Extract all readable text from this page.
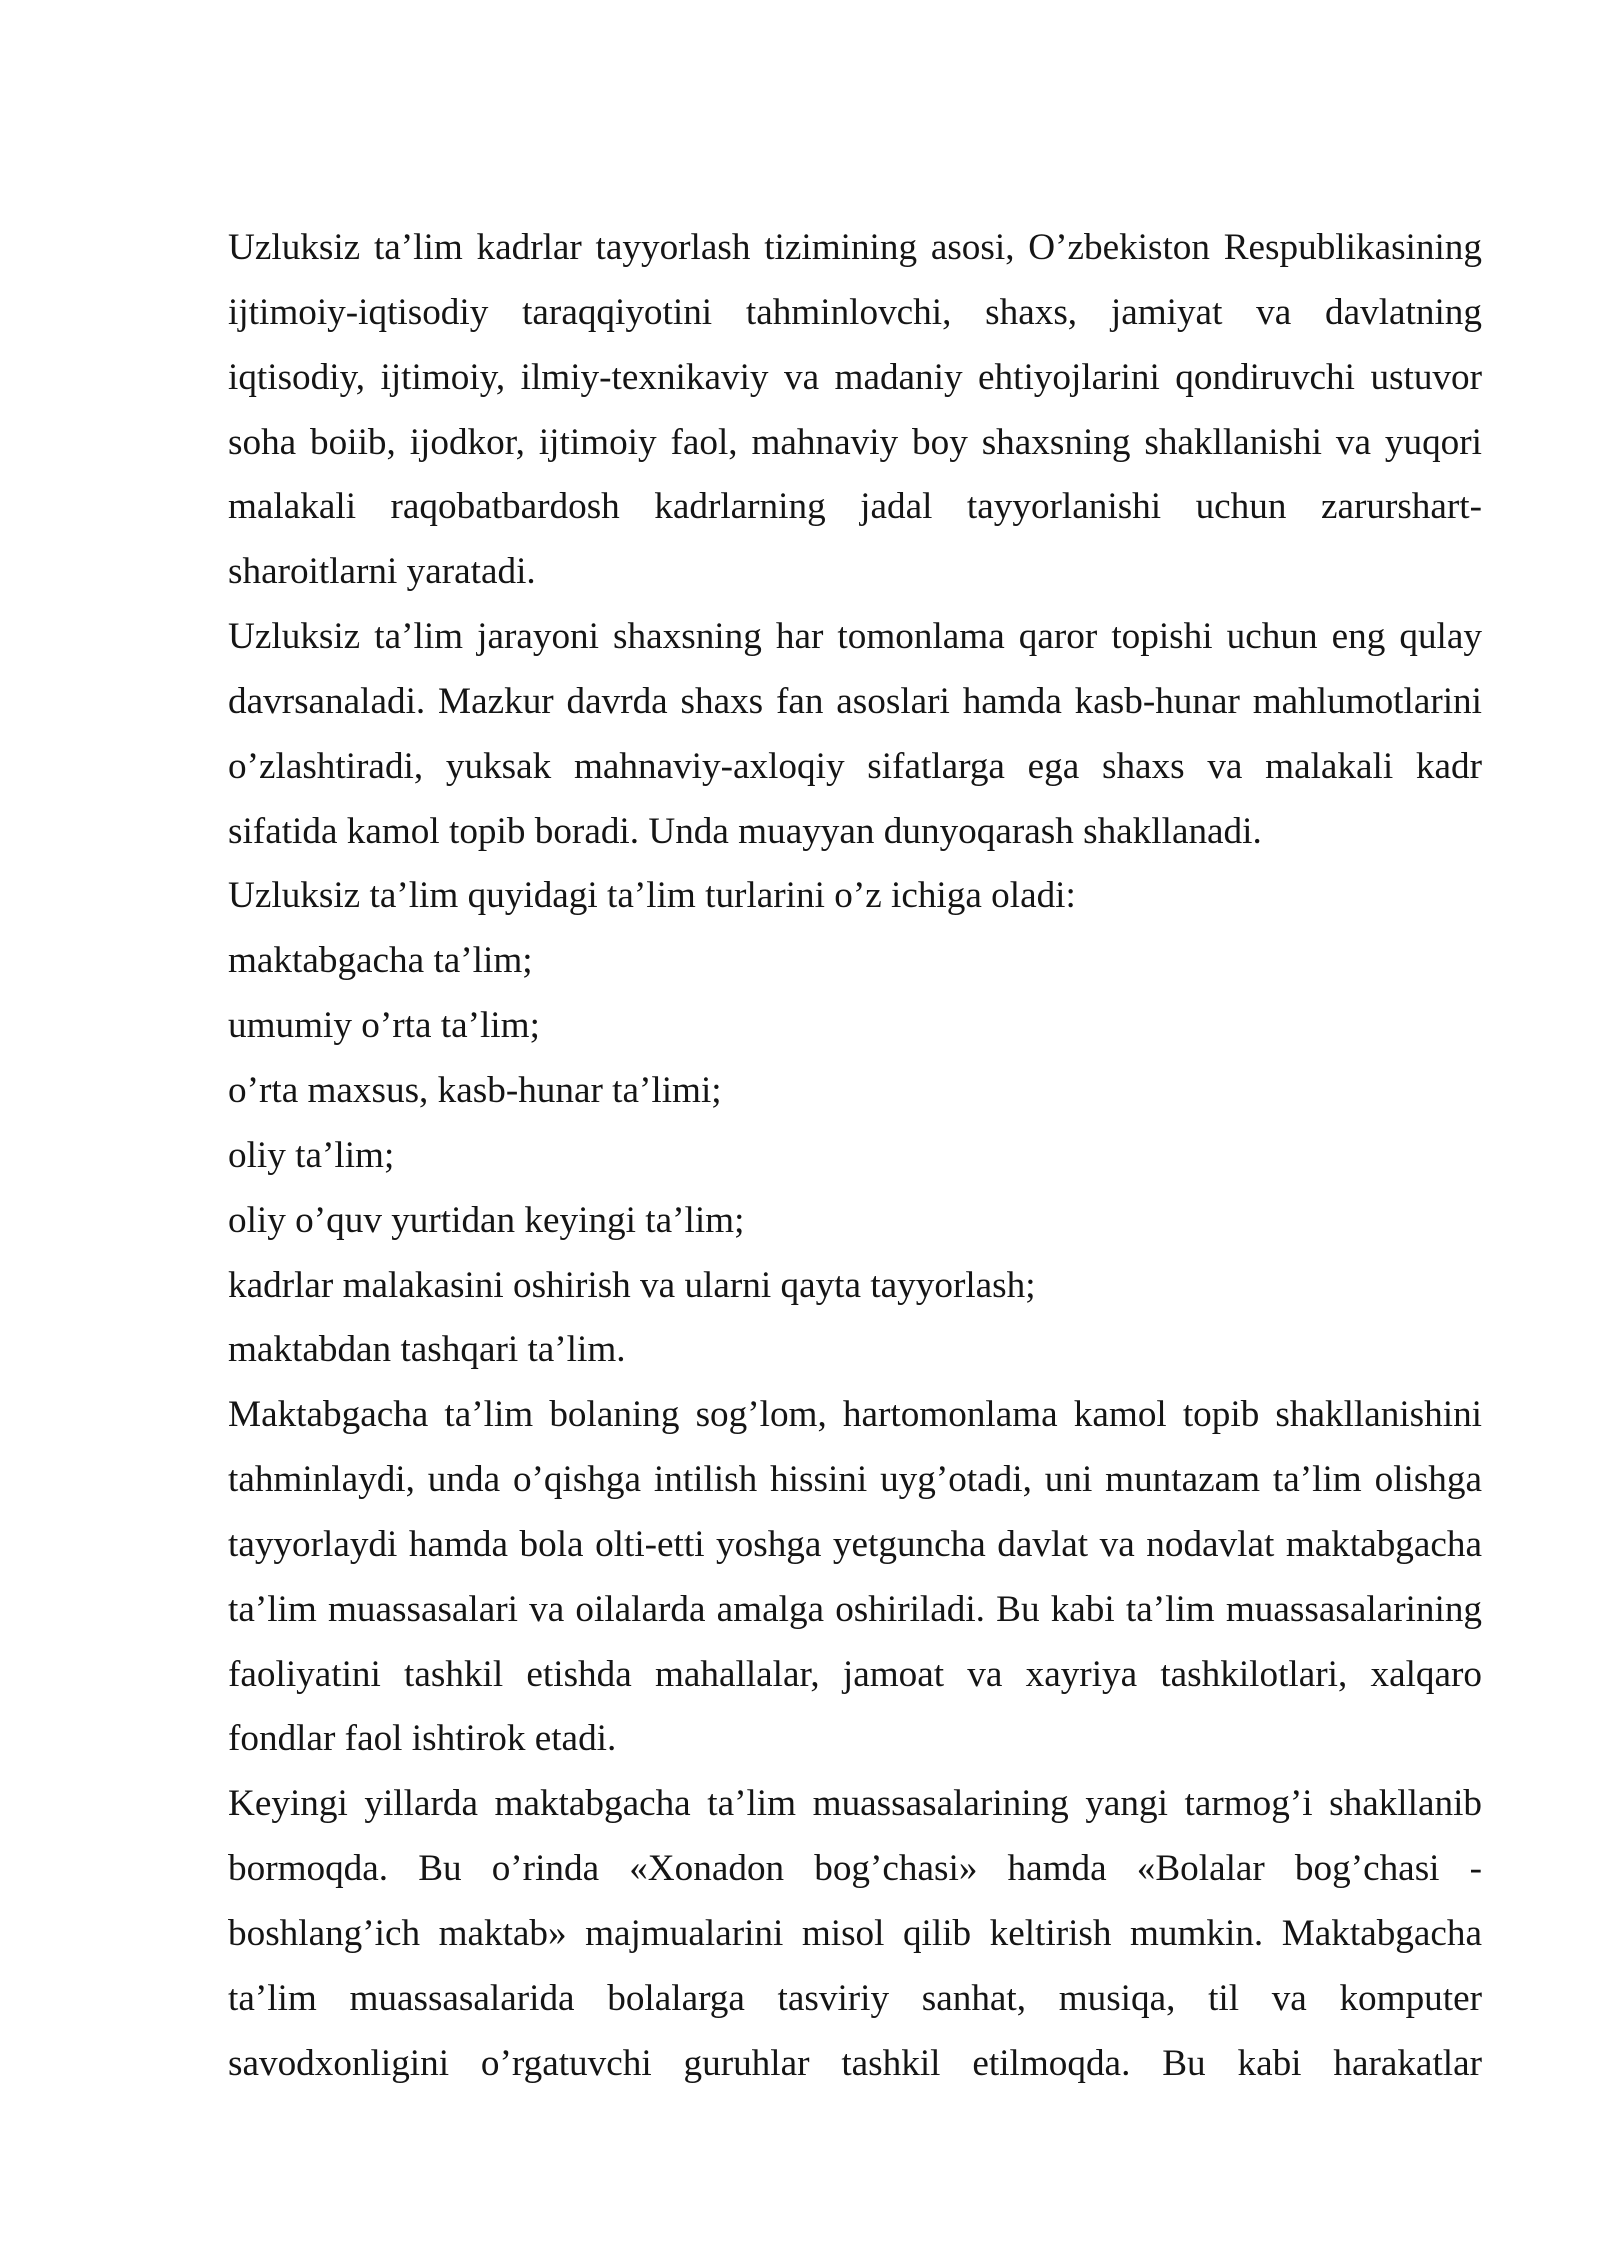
Uzluksiz ta’lim kadrlar tayyorlash tizimining asosi, O’zbekiston Respublikasining
ijtimoiy-iqtisodiy taraqqiyotini tahminlovchi, shaxs, jamiyat va davlatning
iqtisodiy, ijtimoiy, ilmiy-texnikaviy va madaniy ehtiyojlarini qondiruvchi ustuvor
soha boiib, ijodkor, ijtimoiy faol, mahnaviy boy shaxsning shakllanishi va yuqori
malakali raqobatbardosh kadrlarning jadal tayyorlanishi uchun zarurshart-
sharoitlarni yaratadi.
Uzluksiz ta’lim jarayoni shaxsning har tomonlama qaror topishi uchun eng qulay
davrsanaladi. Mazkur davrda shaxs fan asoslari hamda kasb-hunar mahlumotlarini
o’zlashtiradi, yuksak mahnaviy-axloqiy sifatlarga ega shaxs va malakali kadr
sifatida kamol topib boradi. Unda muayyan dunyoqarash shakllanadi.
Uzluksiz ta’lim quyidagi ta’lim turlarini o’z ichiga oladi:
maktabgacha ta’lim;
umumiy o’rta ta’lim;
o’rta maxsus, kasb-hunar ta’limi;
oliy ta’lim;
oliy o’quv yurtidan keyingi ta’lim;
kadrlar malakasini oshirish va ularni qayta tayyorlash;
maktabdan tashqari ta’lim.
Maktabgacha ta’lim bolaning sog’lom, hartomonlama kamol topib shakllanishini
tahminlaydi, unda o’qishga intilish hissini uyg’otadi, uni muntazam ta’lim olishga
tayyorlaydi hamda bola olti-etti yoshga yetguncha davlat va nodavlat maktabgacha
ta’lim muassasalari va oilalarda amalga oshiriladi. Bu kabi ta’lim muassasalarining
faoliyatini tashkil etishda mahallalar, jamoat va xayriya tashkilotlari, xalqaro
fondlar faol ishtirok etadi.
Keyingi yillarda maktabgacha ta’lim muassasalarining yangi tarmog’i shakllanib
bormoqda. Bu o’rinda «Xonadon bog’chasi» hamda «Bolalar bog’chasi -
boshlang’ich maktab» majmualarini misol qilib keltirish mumkin. Maktabgacha
ta’lim muassasalarida bolalarga tasviriy sanhat, musiqa, til va komputer
savodxonligini o’rgatuvchi guruhlar tashkil etilmoqda. Bu kabi harakatlar
